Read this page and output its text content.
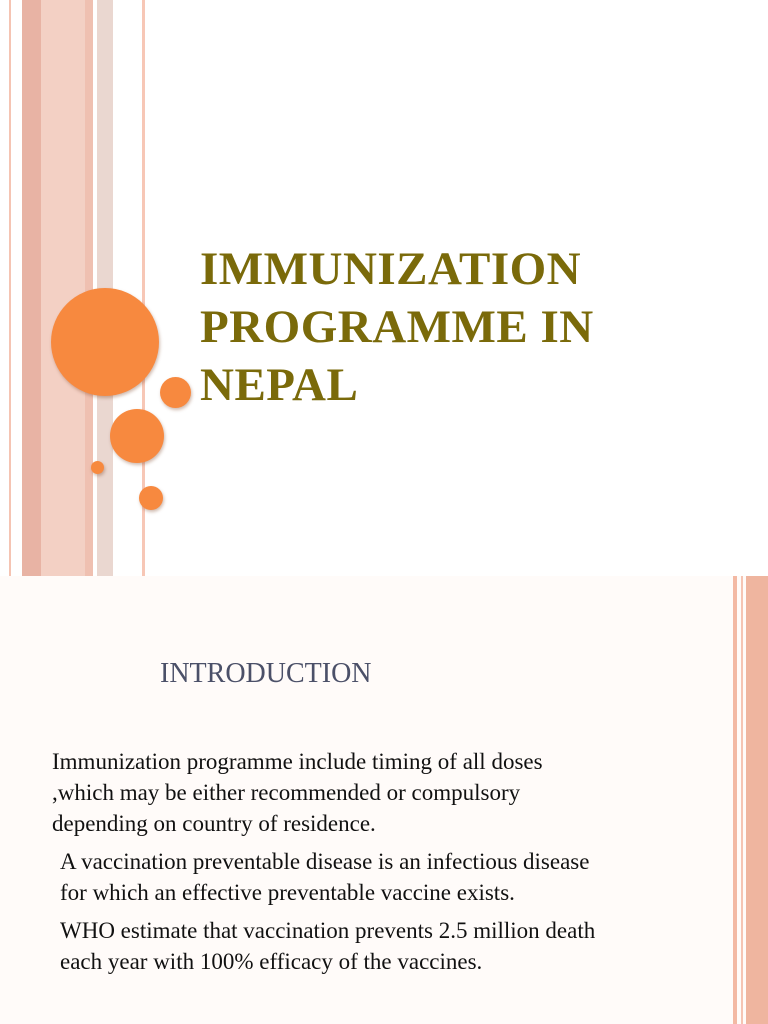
IMMUNIZATION
PROGRAMME IN
NEPAL
INTRODUCTION

Immunization programme include timing of all doses
,which may be either recommended or compulsory
depending on country of residence.

A vaccination preventable disease is an infectious disease
for which an effective preventable vaccine exists.

WHO estimate that vaccination prevents 2.5 million death
each year with 100% efficacy of the vaccines.
